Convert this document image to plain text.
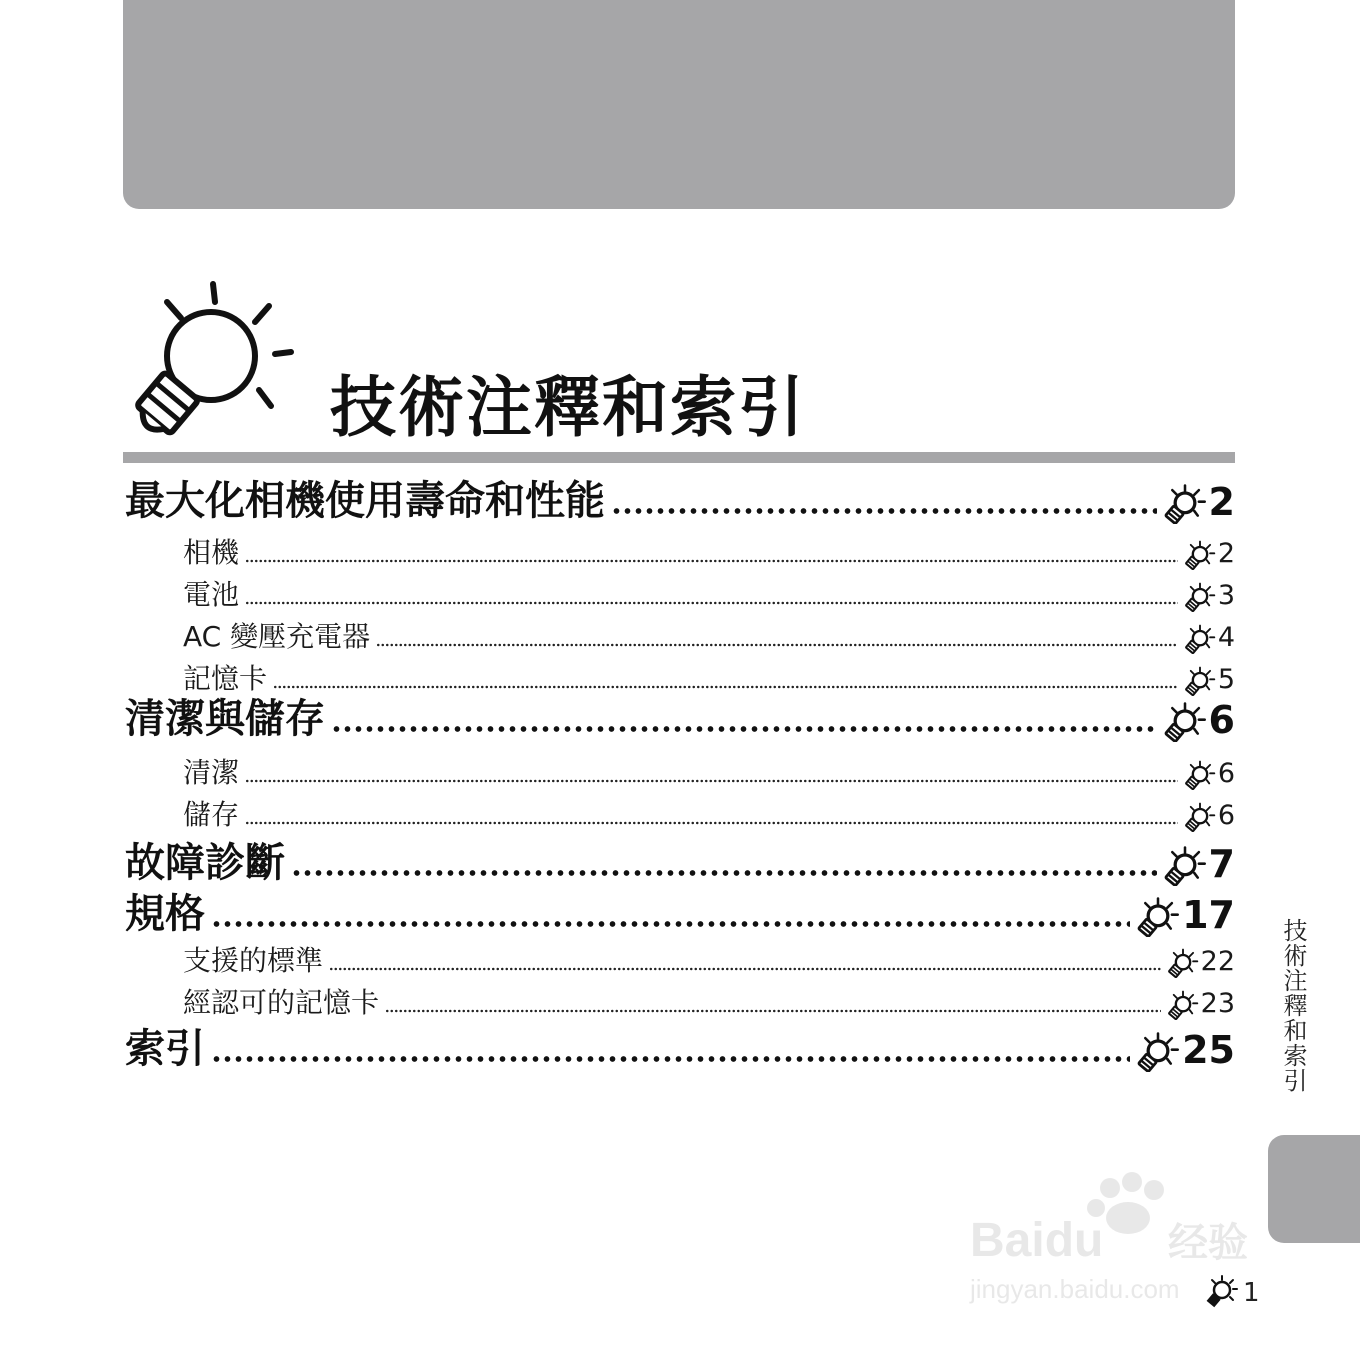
技術注釋和索引
最大化相機使用壽命和性能	2
相機	2
電池	3
AC 變壓充電器	4
記憶卡	5
清潔與儲存	6
清潔	6
儲存	6
故障診斷	7
規格	17
支援的標準	22
經認可的記憶卡	23
索引	25 技術注釋和索引
1
Baidu 经验
jingyan.baidu.com
